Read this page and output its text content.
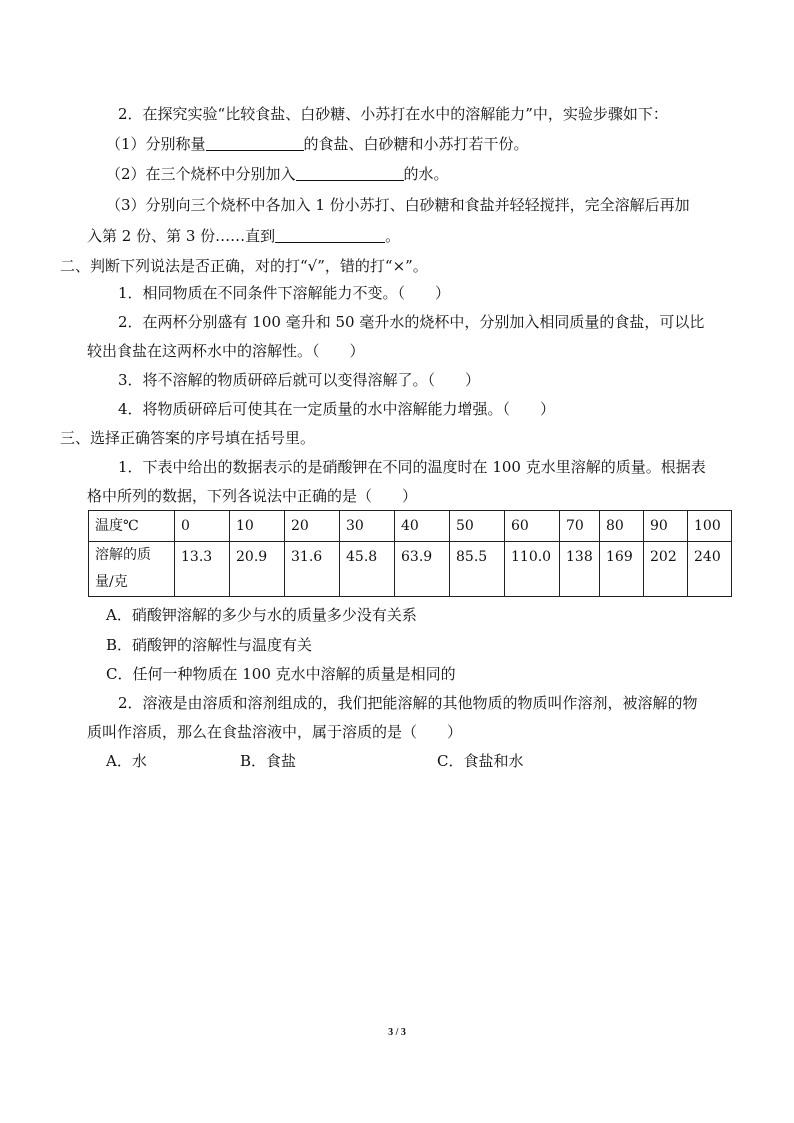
2．在探究实验“比较食盐、白砂糖、小苏打在水中的溶解能力”中，实验步骤如下：
（1）分别称量	的食盐、白砂糖和小苏打若干份。
（2）在三个烧杯中分别加入	的水。
（3）分别向三个烧杯中各加入 1 份小苏打、白砂糖和食盐并轻轻搅拌，完全溶解后再加
入第 2 份、第 3 份……直到	。
二、判断下列说法是否正确，对的打“√”，错的打“×”。
1．相同物质在不同条件下溶解能力不变。（　　）
2．在两杯分别盛有 100 毫升和 50 毫升水的烧杯中，分别加入相同质量的食盐，可以比
较出食盐在这两杯水中的溶解性。（　　）
3．将不溶解的物质研碎后就可以变得溶解了。（　　）
4．将物质研碎后可使其在一定质量的水中溶解能力增强。（　　）
三、选择正确答案的序号填在括号里。
1．下表中给出的数据表示的是硝酸钾在不同的温度时在 100 克水里溶解的质量。根据表
格中所列的数据，下列各说法中正确的是（　　）
温度℃	0	10	20	30	40	50	60	70	80	90	100
溶解的质
量/克	13.3	20.9	31.6	45.8	63.9	85.5	110.0	138	169	202	240
A．硝酸钾溶解的多少与水的质量多少没有关系
B．硝酸钾的溶解性与温度有关
C．任何一种物质在 100 克水中溶解的质量是相同的
2．溶液是由溶质和溶剂组成的，我们把能溶解的其他物质的物质叫作溶剂，被溶解的物
质叫作溶质，那么在食盐溶液中，属于溶质的是（　　）
A．水	B．食盐	C．食盐和水
3 / 3
